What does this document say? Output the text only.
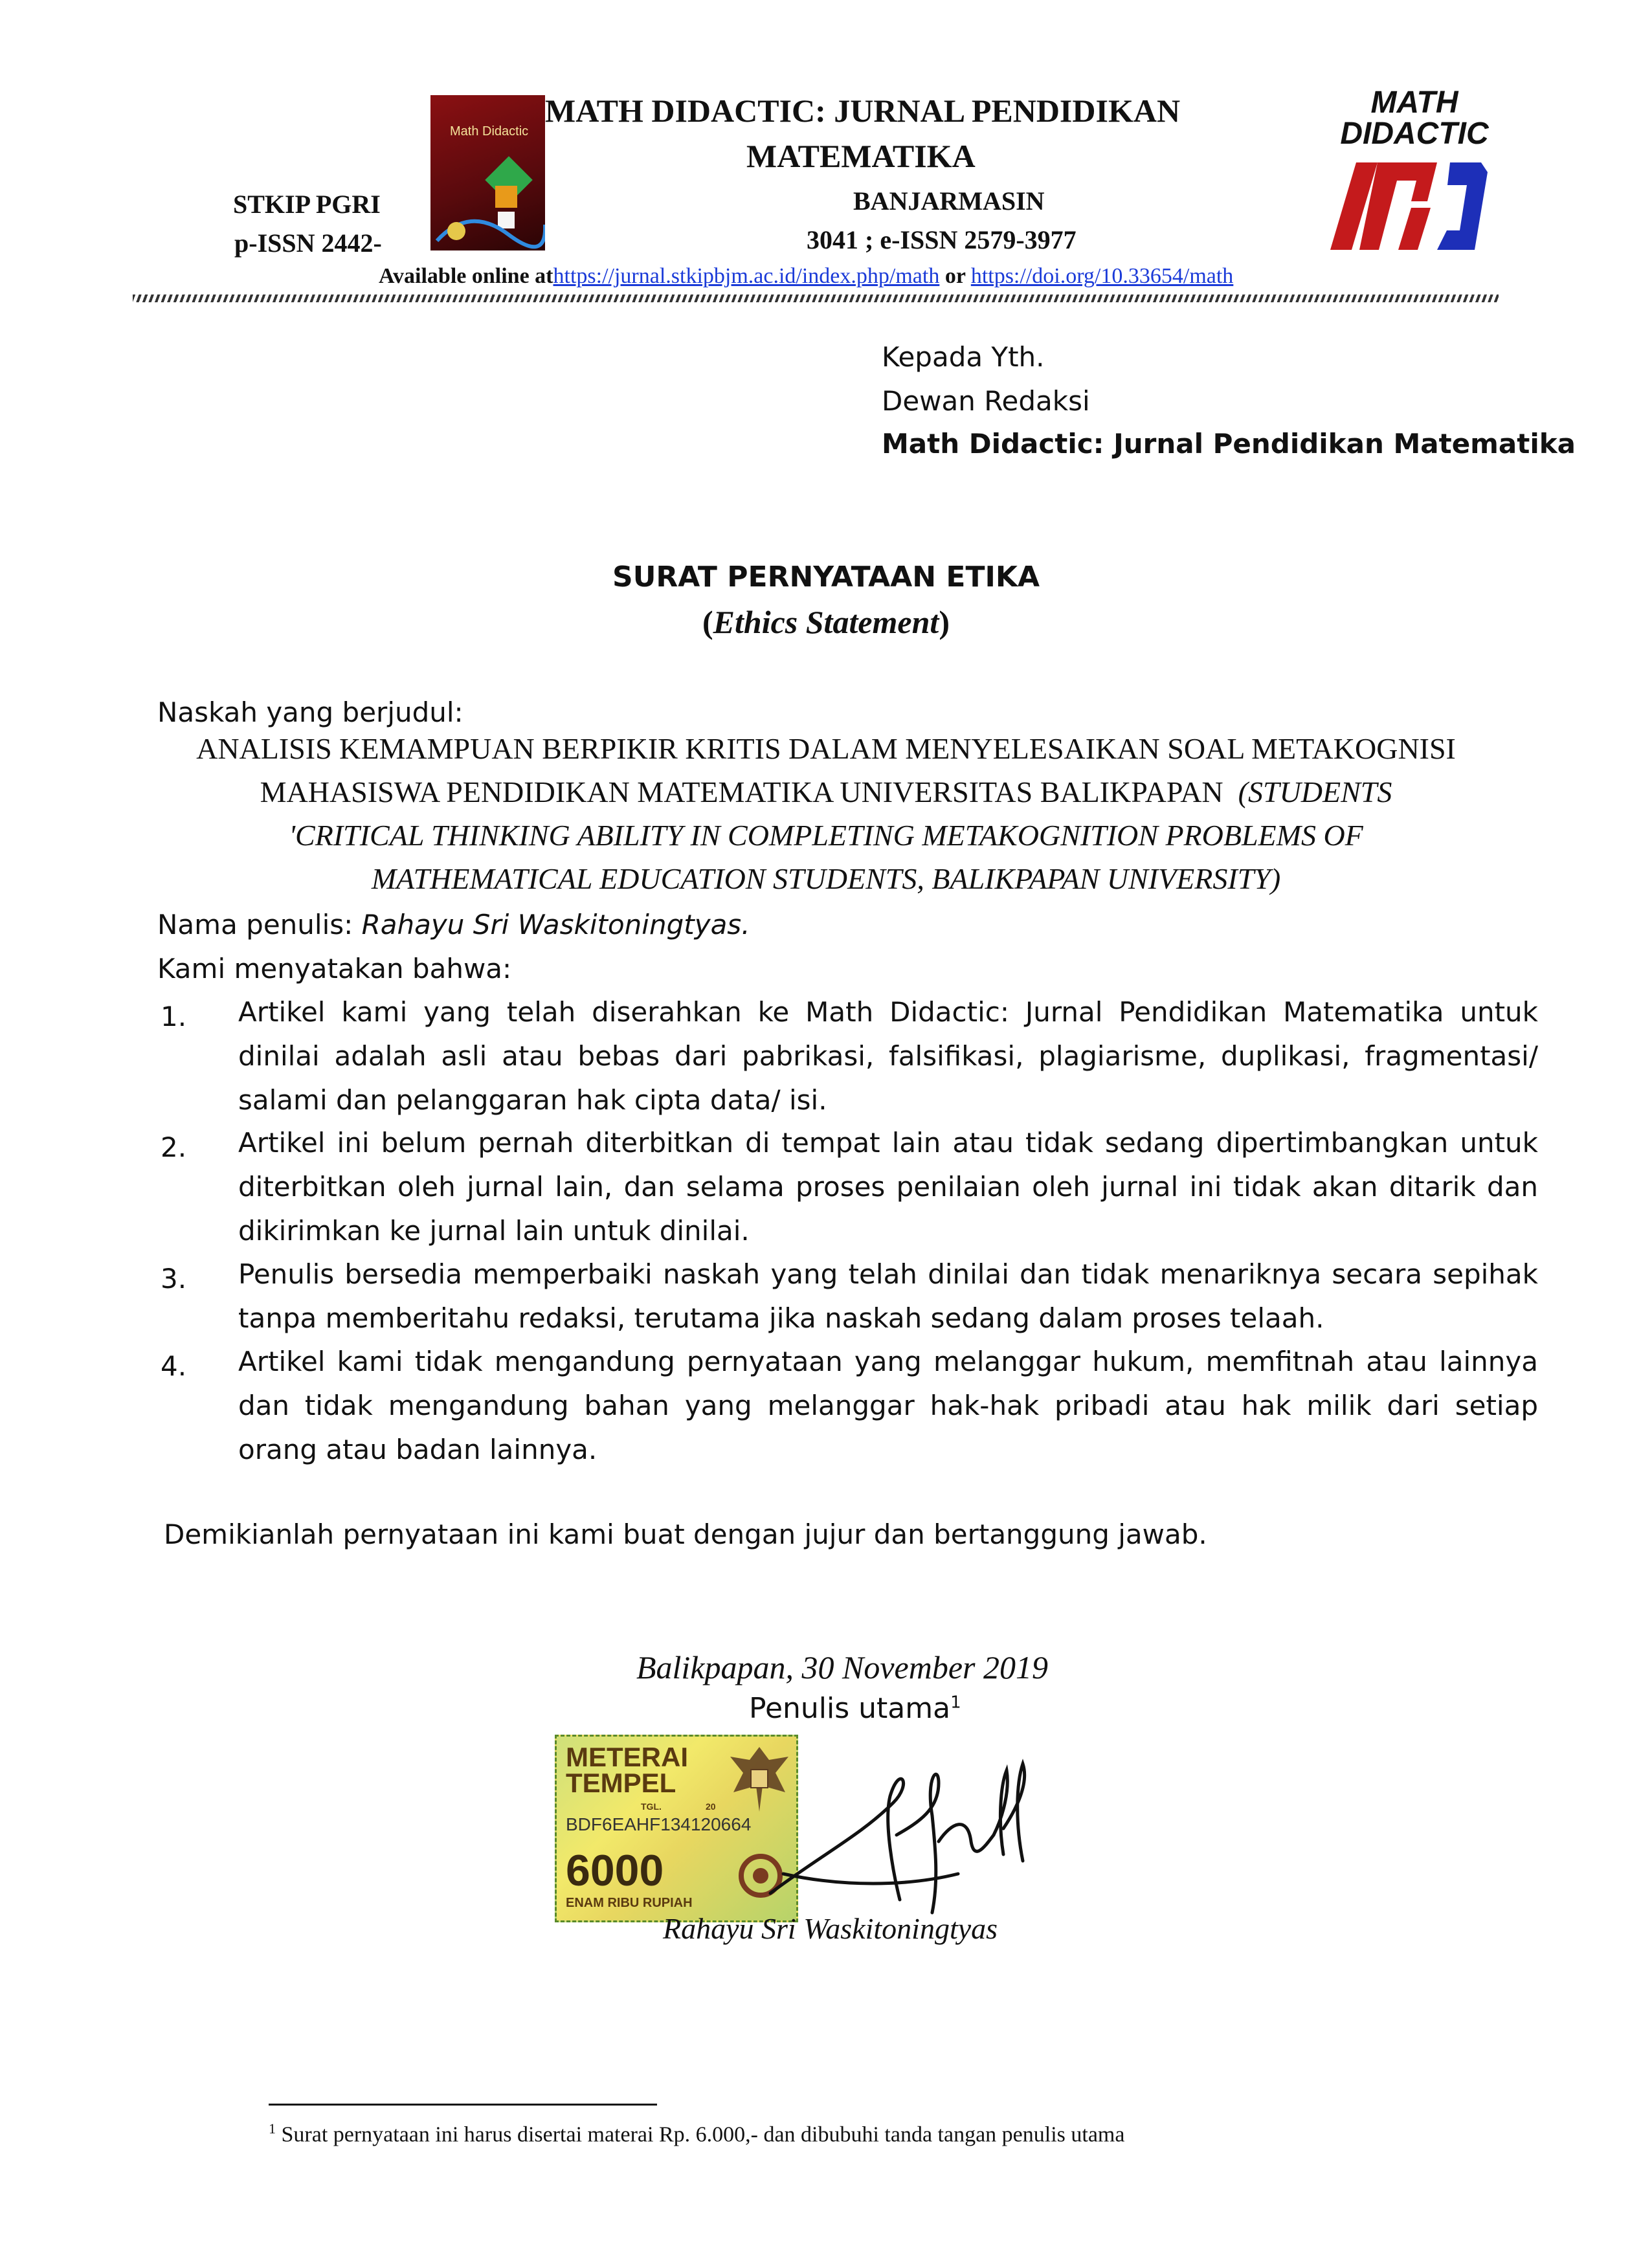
Math Didactic
MATH DIDACTIC: JURNAL PENDIDIKAN
MATEMATIKA
STKIP PGRI	BANJARMASIN
p-ISSN 2442-	3041 ; e-ISSN 2579-3977
Available online athttps://jurnal.stkipbjm.ac.id/index.php/math or https://doi.org/10.33654/math
MATH
DIDACTIC
Kepada Yth.
Dewan Redaksi
Math Didactic: Jurnal Pendidikan Matematika
SURAT PERNYATAAN ETIKA
(Ethics Statement)
Naskah yang berjudul:
ANALISIS KEMAMPUAN BERPIKIR KRITIS DALAM MENYELESAIKAN SOAL METAKOGNISI
MAHASISWA PENDIDIKAN MATEMATIKA UNIVERSITAS BALIKPAPAN (STUDENTS
'CRITICAL THINKING ABILITY IN COMPLETING METAKOGNITION PROBLEMS OF
MATHEMATICAL EDUCATION STUDENTS, BALIKPAPAN UNIVERSITY)
Nama penulis: Rahayu Sri Waskitoningtyas.
Kami menyatakan bahwa:
1. Artikel kami yang telah diserahkan ke Math Didactic: Jurnal Pendidikan Matematika untuk dinilai adalah asli atau bebas dari pabrikasi, falsifikasi, plagiarisme, duplikasi, fragmentasi/ salami dan pelanggaran hak cipta data/ isi.
2. Artikel ini belum pernah diterbitkan di tempat lain atau tidak sedang dipertimbangkan untuk diterbitkan oleh jurnal lain, dan selama proses penilaian oleh jurnal ini tidak akan ditarik dan dikirimkan ke jurnal lain untuk dinilai.
3. Penulis bersedia memperbaiki naskah yang telah dinilai dan tidak menariknya secara sepihak tanpa memberitahu redaksi, terutama jika naskah sedang dalam proses telaah.
4. Artikel kami tidak mengandung pernyataan yang melanggar hukum, memfitnah atau lainnya dan tidak mengandung bahan yang melanggar hak-hak pribadi atau hak milik dari setiap orang atau badan lainnya.
Demikianlah pernyataan ini kami buat dengan jujur dan bertanggung jawab.
Balikpapan, 30 November 2019
Penulis utama$^1$
METERAI
TEMPEL
TGL.	20
BDF6EAHF134120664
6000
ENAM RIBU RUPIAH
Rahayu Sri Waskitoningtyas
$^1$ Surat pernyataan ini harus disertai materai Rp. 6.000,- dan dibubuhi tanda tangan penulis utama
